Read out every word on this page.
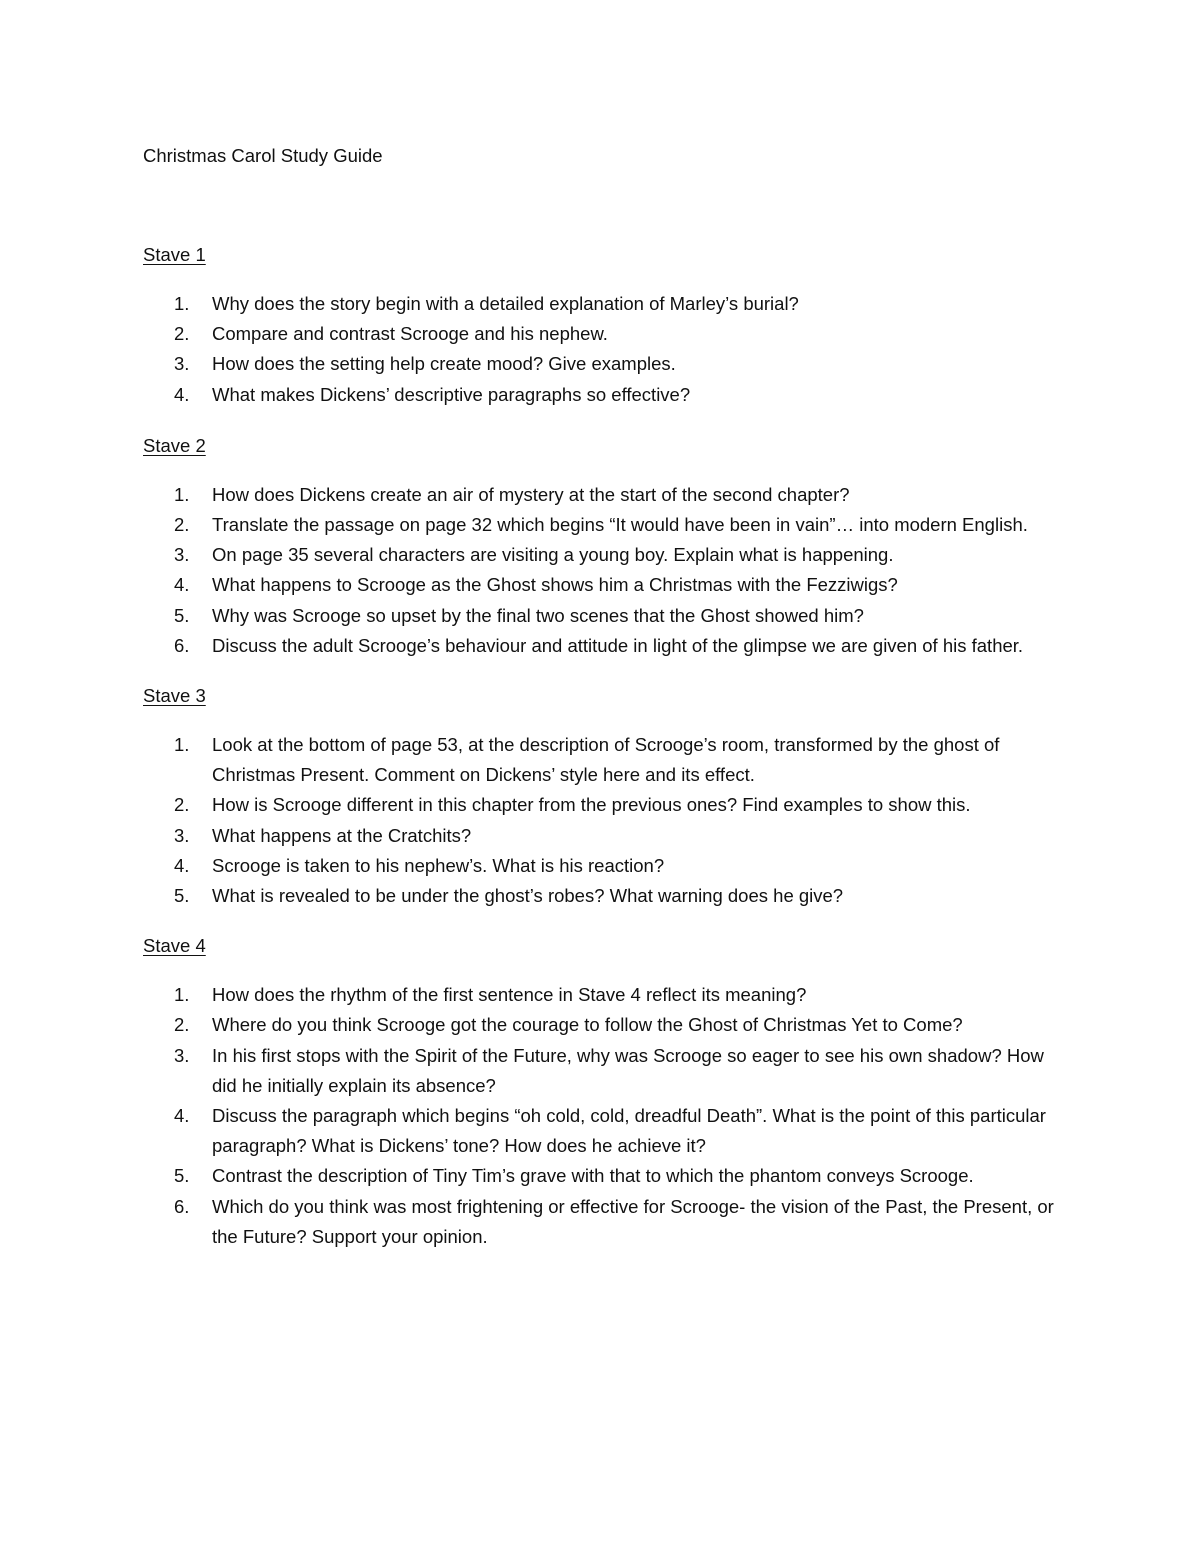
Christmas Carol Study Guide
Stave 1
1. Why does the story begin with a detailed explanation of Marley’s burial?
2. Compare and contrast Scrooge and his nephew.
3. How does the setting help create mood? Give examples.
4. What makes Dickens’ descriptive paragraphs so effective?
Stave 2
1. How does Dickens create an air of mystery at the start of the second chapter?
2. Translate the passage on page 32 which begins “It would have been in vain”… into modern English.
3. On page 35 several characters are visiting a young boy. Explain what is happening.
4. What happens to Scrooge as the Ghost shows him a Christmas with the Fezziwigs?
5. Why was Scrooge so upset by the final two scenes that the Ghost showed him?
6. Discuss the adult Scrooge’s behaviour and attitude in light of the glimpse we are given of his father.
Stave 3
1. Look at the bottom of page 53, at the description of Scrooge’s room, transformed by the ghost of Christmas Present. Comment on Dickens’ style here and its effect.
2. How is Scrooge different in this chapter from the previous ones? Find examples to show this.
3. What happens at the Cratchits?
4. Scrooge is taken to his nephew’s. What is his reaction?
5. What is revealed to be under the ghost’s robes? What warning does he give?
Stave 4
1. How does the rhythm of the first sentence in Stave 4 reflect its meaning?
2. Where do you think Scrooge got the courage to follow the Ghost of Christmas Yet to Come?
3. In his first stops with the Spirit of the Future, why was Scrooge so eager to see his own shadow? How did he initially explain its absence?
4. Discuss the paragraph which begins “oh cold, cold, dreadful Death”. What is the point of this particular paragraph? What is Dickens’ tone? How does he achieve it?
5. Contrast the description of Tiny Tim’s grave with that to which the phantom conveys Scrooge.
6. Which do you think was most frightening or effective for Scrooge- the vision of the Past, the Present, or the Future? Support your opinion.
